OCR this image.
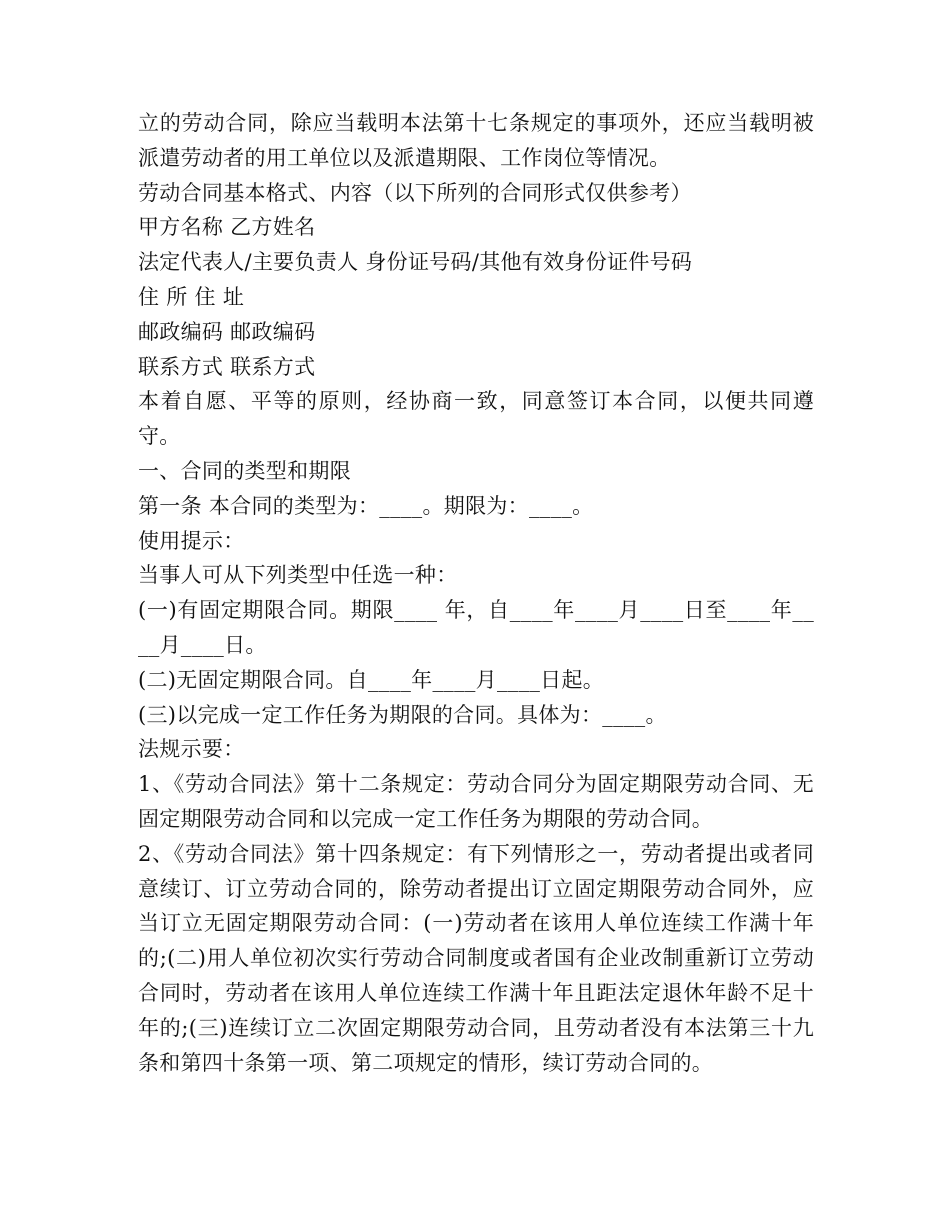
立的劳动合同，除应当载明本法第十七条规定的事项外，还应当载明被派遣劳动者的用工单位以及派遣期限、工作岗位等情况。

劳动合同基本格式、内容（以下所列的合同形式仅供参考）

甲方名称 乙方姓名

法定代表人/主要负责人 身份证号码/其他有效身份证件号码

住 所 住 址

邮政编码 邮政编码

联系方式 联系方式

本着自愿、平等的原则，经协商一致，同意签订本合同，以便共同遵守。

一、合同的类型和期限

第一条 本合同的类型为：____。期限为：____。

使用提示：

当事人可从下列类型中任选一种：

(一)有固定期限合同。期限____ 年，自____年____月____日至____年____月____日。

(二)无固定期限合同。自____年____月____日起。

(三)以完成一定工作任务为期限的合同。具体为：____。

法规示要：

1、《劳动合同法》第十二条规定：劳动合同分为固定期限劳动合同、无固定期限劳动合同和以完成一定工作任务为期限的劳动合同。

2、《劳动合同法》第十四条规定：有下列情形之一，劳动者提出或者同意续订、订立劳动合同的，除劳动者提出订立固定期限劳动合同外，应当订立无固定期限劳动合同：(一)劳动者在该用人单位连续工作满十年的;(二)用人单位初次实行劳动合同制度或者国有企业改制重新订立劳动合同时，劳动者在该用人单位连续工作满十年且距法定退休年龄不足十年的;(三)连续订立二次固定期限劳动合同，且劳动者没有本法第三十九条和第四十条第一项、第二项规定的情形，续订劳动合同的。
